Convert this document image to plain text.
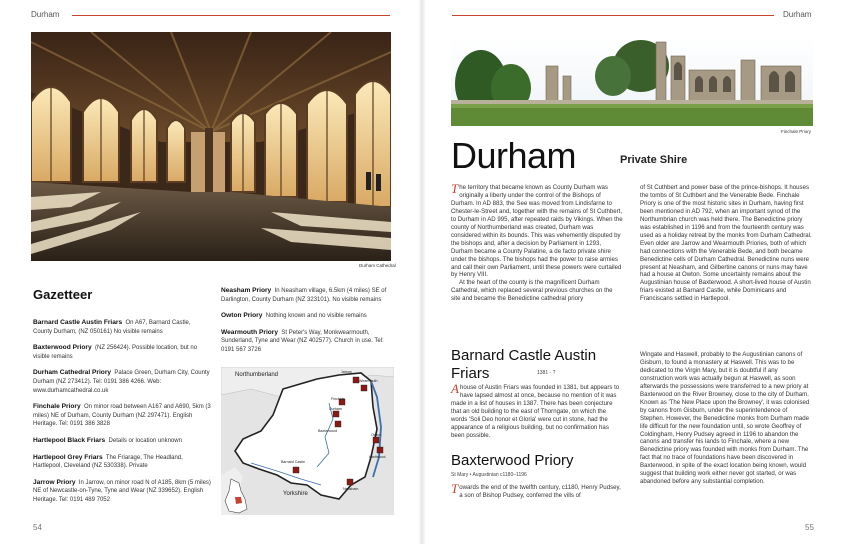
Durham
Durham Cathedral
Gazetteer
Barnard Castle Austin Friars On A67, Barnard Castle, County Durham, (NZ 050161) No visible remains
Baxterwood Priory (NZ 256424). Possible location, but no visible remains
Durham Cathedral Priory Palace Green, Durham City, County Durham (NZ 273412). Tel: 0191 386 4266. Web: www.durhamcathedral.co.uk
Finchale Priory On minor road between A167 and A690, 5km (3 miles) NE of Durham, County Durham (NZ 297471). English Heritage. Tel: 0191 386 3828
Hartlepool Black Friars Details or location unknown
Hartlepool Grey Friars The Friarage, The Headland, Hartlepool, Cleveland (NZ 530338). Private
Jarrow Priory In Jarrow, on minor road N of A185, 8km (5 miles) NE of Newcastle-on-Tyne, Tyne and Wear (NZ 339652). English Heritage. Tel: 0191 489 7052
Neasham Priory In Neasham village, 6.5km (4 miles) SE of Darlington, County Durham (NZ 323101). No visible remains
Owton Priory Nothing known and no visible remains
Wearmouth Priory St Peter's Way, Monkwearmouth, Sunderland, Tyne and Wear (NZ 402577). Church in use. Tel: 0191 567 3726
Northumberland
Yorkshire
Jarrow
Wearmouth
Durham
Finchale
Baxterwood
Hartlepool
Owton
Barnard Castle
Neasham
54
Durham
Finchale Priory
Durham	Private Shire

The territory that became known as County Durham was originally a liberty under the control of the Bishops of Durham. In AD 883, the See was moved from Lindisfarne to Chester-le-Street and, together with the remains of St Cuthbert, to Durham in AD 995, after repeated raids by Vikings. When the county of Northumberland was created, Durham was considered within its bounds. This was vehemently disputed by the bishops and, after a decision by Parliament in 1293, Durham became a County Palatine, a de facto private shire under the bishops. The bishops had the power to raise armies and call their own Parliament, until these powers were curtailed by Henry VIII.

At the heart of the county is the magnificent Durham Cathedral, which replaced several previous churches on the site and became the Benedictine cathedral priory

of St Cuthbert and power base of the prince-bishops. It houses the tombs of St Cuthbert and the Venerable Bede. Finchale Priory is one of the most historic sites in Durham, having first been mentioned in AD 792, when an important synod of the Northumbrian church was held there. The Benedictine priory was established in 1196 and from the fourteenth century was used as a holiday retreat by the monks from Durham Cathedral. Even older are Jarrow and Wearmouth Priories, both of which had connections with the Venerable Bede, and both became Benedictine cells of Durham Cathedral. Benedictine nuns were present at Neasham, and Gilbertine canons or nuns may have had a house at Owton. Some uncertainty remains about the Augustinian house of Baxterwood. A short-lived house of Austin friars existed at Barnard Castle, while Dominicans and Franciscans settled in Hartlepool.

Barnard Castle Austin Friars	1381 - ?

A house of Austin Friars was founded in 1381, but appears to have lapsed almost at once, because no mention of it was made in a list of houses in 1387. There has been conjecture that an old building to the east of Thorngate, on which the words 'Soli Deo honor et Gloria' were cut in stone, had the appearance of a religious building, but no confirmation has been possible.

Baxterwood Priory
St Mary • Augustinian c1180–1196

Towards the end of the twelfth century, c1180, Henry Pudsey, a son of Bishop Pudsey, conferred the vills of

Wingate and Haswell, probably to the Augustinian canons of Gisburn, to found a monastery at Haswell. This was to be dedicated to the Virgin Mary, but it is doubtful if any construction work was actually begun at Haswell, as soon afterwards the possessions were transferred to a new priory at Baxterwood on the River Browney, close to the city of Durham. Known as 'The New Place upon the Browney', it was colonised by canons from Gisburn, under the superintendence of Stephen. However, the Benedictine monks from Durham made life difficult for the new foundation until, so wrote Geoffrey of Coldingham, Henry Pudsey agreed in 1196 to abandon the canons and transfer his lands to Finchale, where a new Benedictine priory was founded with monks from Durham. The fact that no trace of foundations have been discovered in Baxterwood, in spite of the exact location being known, would suggest that building work either never got started, or was abandoned before any substantial completion.

55
